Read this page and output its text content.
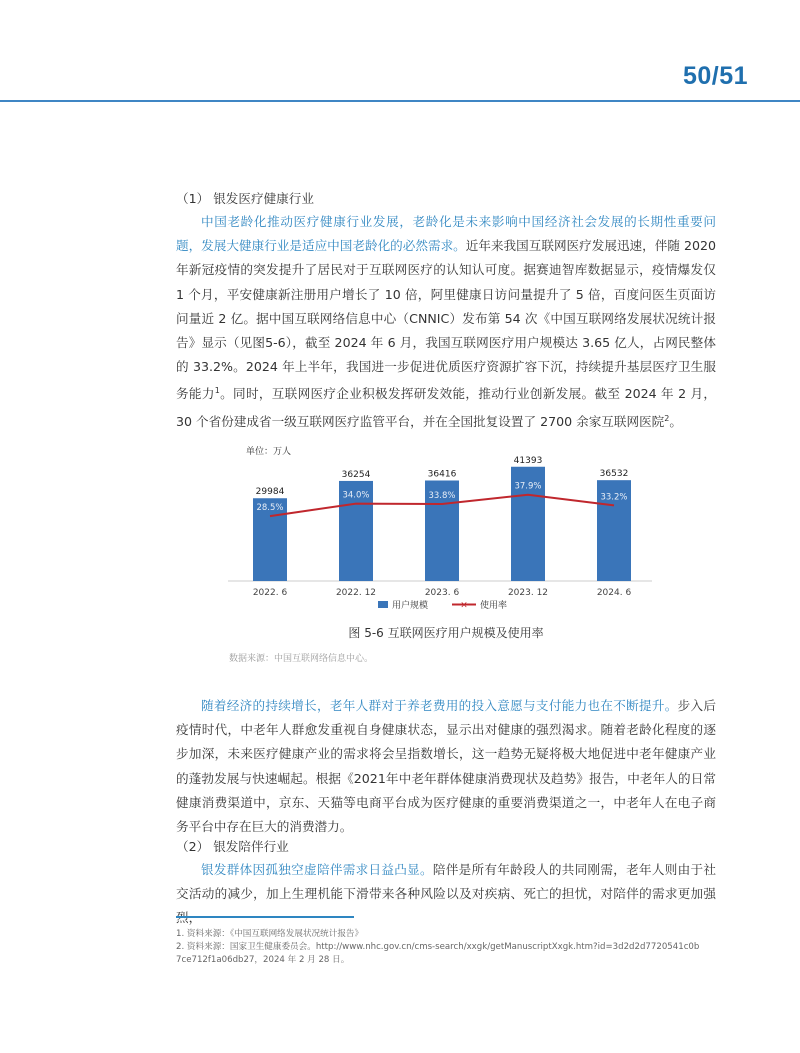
50/51

（1） 银发医疗健康行业

中国老龄化推动医疗健康行业发展，老龄化是未来影响中国经济社会发展的长期性重要问题，发展大健康行业是适应中国老龄化的必然需求。近年来我国互联网医疗发展迅速，伴随 2020 年新冠疫情的突发提升了居民对于互联网医疗的认知认可度。据赛迪智库数据显示，疫情爆发仅 1 个月，平安健康新注册用户增长了 10 倍，阿里健康日访问量提升了 5 倍，百度问医生页面访问量近 2 亿。据中国互联网络信息中心（CNNIC）发布第 54 次《中国互联网络发展状况统计报告》显示（见图5-6），截至 2024 年 6 月，我国互联网医疗用户规模达 3.65 亿人，占网民整体的 33.2%。2024 年上半年，我国进一步促进优质医疗资源扩容下沉，持续提升基层医疗卫生服务能力$^1$。同时，互联网医疗企业积极发挥研发效能，推动行业创新发展。截至 2024 年 2 月，30 个省份建成省一级互联网医疗监管平台，并在全国批复设置了 2700 余家互联网医院$^2$。

单位：万人
29984
36254	36416
41393
36532
28.5%
34.0%	33.8%
37.9%
33.2%
2022. 6	2022. 12	2023. 6	2023. 12	2024. 6
用户规模	× 使用率
图 5-6 互联网医疗用户规模及使用率
数据来源：中国互联网络信息中心。

随着经济的持续增长，老年人群对于养老费用的投入意愿与支付能力也在不断提升。步入后疫情时代，中老年人群愈发重视自身健康状态，显示出对健康的强烈渴求。随着老龄化程度的逐步加深，未来医疗健康产业的需求将会呈指数增长，这一趋势无疑将极大地促进中老年健康产业的蓬勃发展与快速崛起。根据《2021年中老年群体健康消费现状及趋势》报告，中老年人的日常健康消费渠道中，京东、天猫等电商平台成为医疗健康的重要消费渠道之一，中老年人在电子商务平台中存在巨大的消费潜力。

（2） 银发陪伴行业

银发群体因孤独空虚陪伴需求日益凸显。陪伴是所有年龄段人的共同刚需，老年人则由于社交活动的减少，加上生理机能下滑带来各种风险以及对疾病、死亡的担忧，对陪伴的需求更加强

1. 资料来源：《中国互联网络发展状况统计报告》

2. 资料来源：国家卫生健康委员会。http://www.nhc.gov.cn/cms-search/xxgk/getManuscriptXxgk.htm?id=3d2d2d7720541c0b

7ce712f1a06db27，2024 年 2 月 28 日。
